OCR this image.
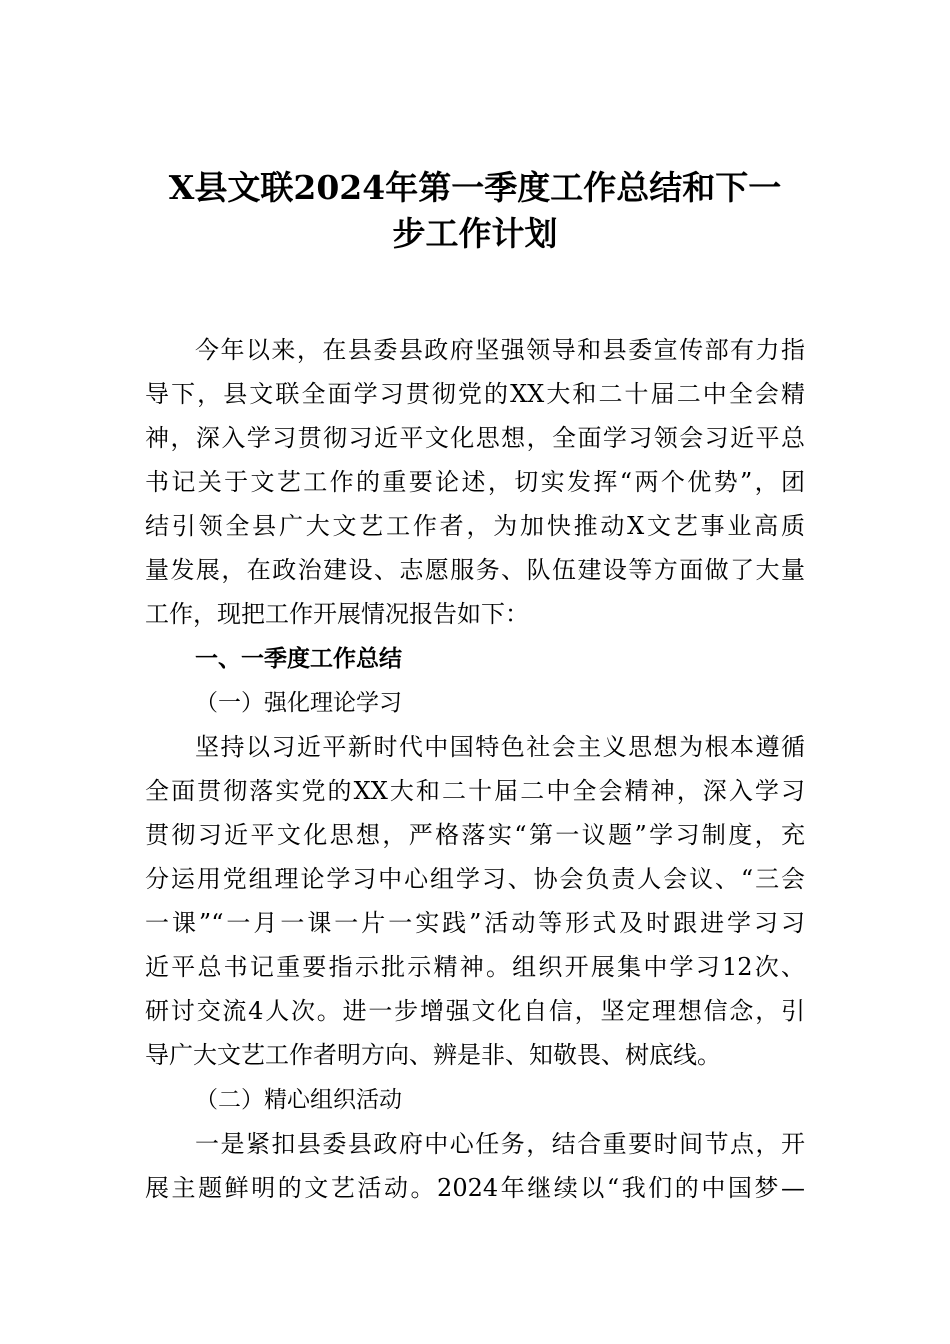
X县文联2024年第一季度工作总结和下一
步工作计划
今年以来，在县委县政府坚强领导和县委宣传部有力指
导下，县文联全面学习贯彻党的XX大和二十届二中全会精
神，深入学习贯彻习近平文化思想，全面学习领会习近平总
书记关于文艺工作的重要论述，切实发挥“两个优势”，团
结引领全县广大文艺工作者，为加快推动X文艺事业高质
量发展，在政治建设、志愿服务、队伍建设等方面做了大量
工作，现把工作开展情况报告如下：
一、一季度工作总结
（一）强化理论学习
坚持以习近平新时代中国特色社会主义思想为根本遵循
全面贯彻落实党的XX大和二十届二中全会精神，深入学习
贯彻习近平文化思想，严格落实“第一议题”学习制度，充
分运用党组理论学习中心组学习、协会负责人会议、“三会
一课”“一月一课一片一实践”活动等形式及时跟进学习习
近平总书记重要指示批示精神。组织开展集中学习12次、
研讨交流4人次。进一步增强文化自信，坚定理想信念，引
导广大文艺工作者明方向、辨是非、知敬畏、树底线。
（二）精心组织活动
一是紧扣县委县政府中心任务，结合重要时间节点，开
展主题鲜明的文艺活动。2024年继续以“我们的中国梦—
